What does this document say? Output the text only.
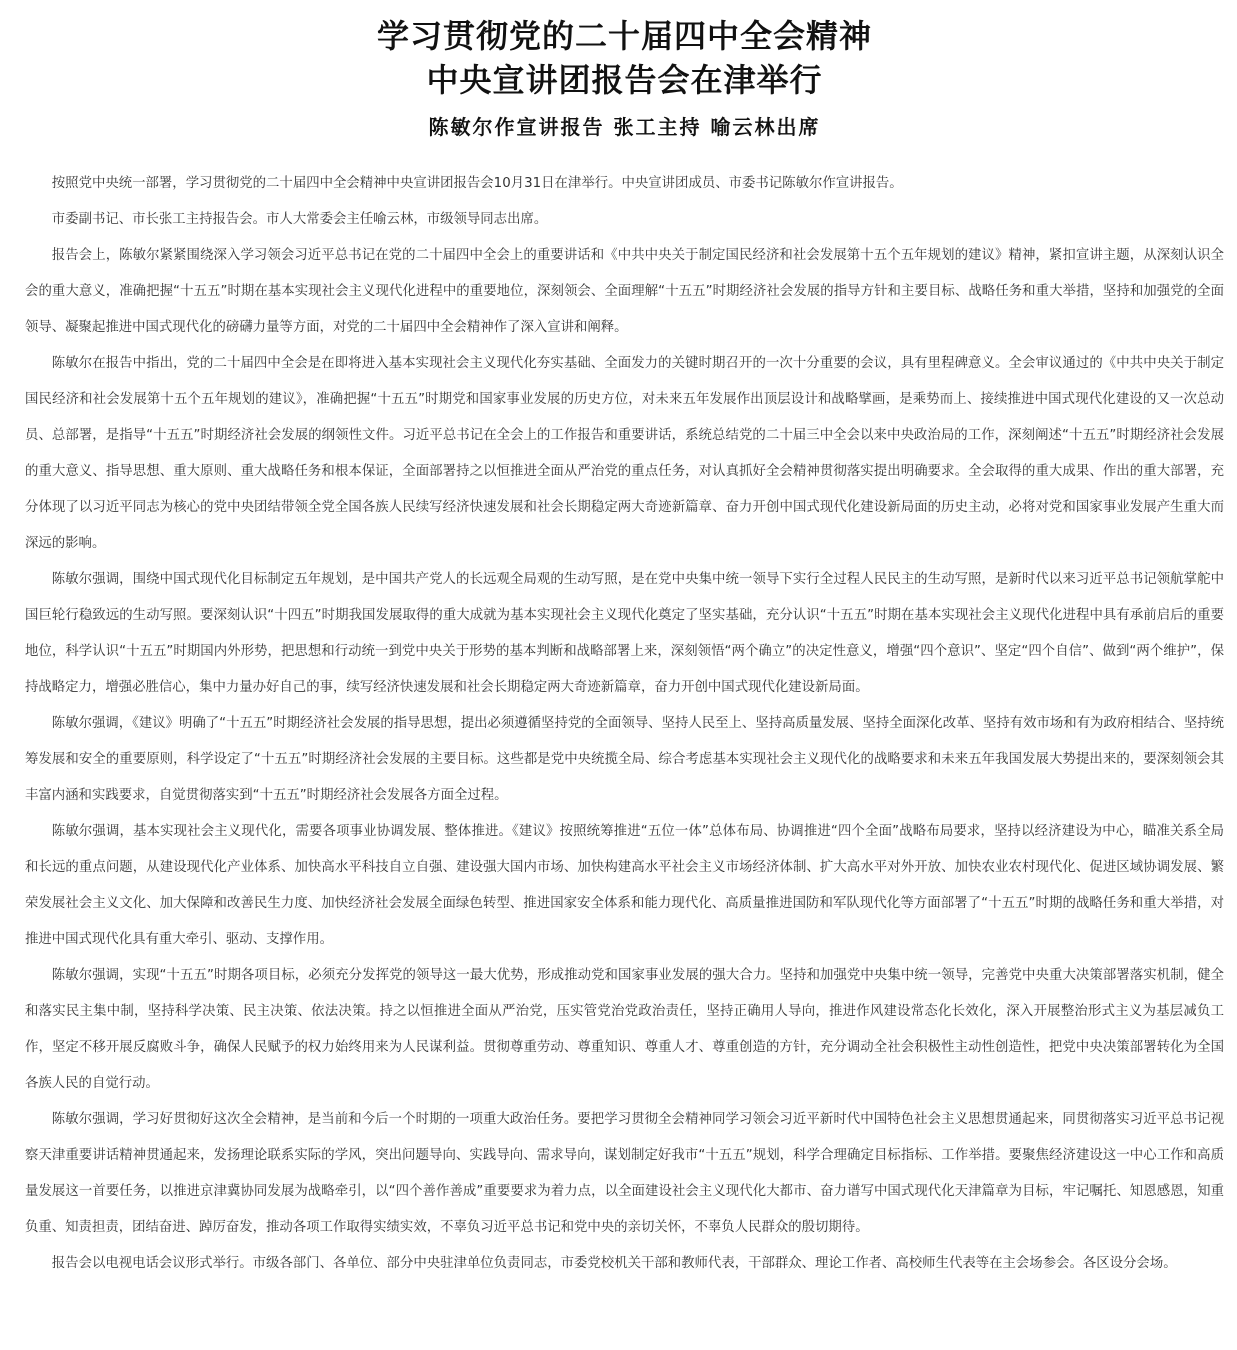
学习贯彻党的二十届四中全会精神
中央宣讲团报告会在津举行
陈敏尔作宣讲报告 张工主持 喻云林出席

按照党中央统一部署，学习贯彻党的二十届四中全会精神中央宣讲团报告会10月31日在津举行。中央宣讲团成员、市委书记陈敏尔作宣讲报告。

市委副书记、市长张工主持报告会。市人大常委会主任喻云林，市级领导同志出席。

报告会上，陈敏尔紧紧围绕深入学习领会习近平总书记在党的二十届四中全会上的重要讲话和《中共中央关于制定国民经济和社会发展第十五个五年规划的建议》精神，紧扣宣讲主题，从深刻认识全会的重大意义，准确把握“十五五”时期在基本实现社会主义现代化进程中的重要地位，深刻领会、全面理解“十五五”时期经济社会发展的指导方针和主要目标、战略任务和重大举措，坚持和加强党的全面领导、凝聚起推进中国式现代化的磅礴力量等方面，对党的二十届四中全会精神作了深入宣讲和阐释。

陈敏尔在报告中指出，党的二十届四中全会是在即将进入基本实现社会主义现代化夯实基础、全面发力的关键时期召开的一次十分重要的会议，具有里程碑意义。全会审议通过的《中共中央关于制定国民经济和社会发展第十五个五年规划的建议》，准确把握“十五五”时期党和国家事业发展的历史方位，对未来五年发展作出顶层设计和战略擘画，是乘势而上、接续推进中国式现代化建设的又一次总动员、总部署，是指导“十五五”时期经济社会发展的纲领性文件。习近平总书记在全会上的工作报告和重要讲话，系统总结党的二十届三中全会以来中央政治局的工作，深刻阐述“十五五”时期经济社会发展的重大意义、指导思想、重大原则、重大战略任务和根本保证，全面部署持之以恒推进全面从严治党的重点任务，对认真抓好全会精神贯彻落实提出明确要求。全会取得的重大成果、作出的重大部署，充分体现了以习近平同志为核心的党中央团结带领全党全国各族人民续写经济快速发展和社会长期稳定两大奇迹新篇章、奋力开创中国式现代化建设新局面的历史主动，必将对党和国家事业发展产生重大而深远的影响。

陈敏尔强调，围绕中国式现代化目标制定五年规划，是中国共产党人的长远观全局观的生动写照，是在党中央集中统一领导下实行全过程人民民主的生动写照，是新时代以来习近平总书记领航掌舵中国巨轮行稳致远的生动写照。要深刻认识“十四五”时期我国发展取得的重大成就为基本实现社会主义现代化奠定了坚实基础，充分认识“十五五”时期在基本实现社会主义现代化进程中具有承前启后的重要地位，科学认识“十五五”时期国内外形势，把思想和行动统一到党中央关于形势的基本判断和战略部署上来，深刻领悟“两个确立”的决定性意义，增强“四个意识”、坚定“四个自信”、做到“两个维护”，保持战略定力，增强必胜信心，集中力量办好自己的事，续写经济快速发展和社会长期稳定两大奇迹新篇章，奋力开创中国式现代化建设新局面。

陈敏尔强调，《建议》明确了“十五五”时期经济社会发展的指导思想，提出必须遵循坚持党的全面领导、坚持人民至上、坚持高质量发展、坚持全面深化改革、坚持有效市场和有为政府相结合、坚持统筹发展和安全的重要原则，科学设定了“十五五”时期经济社会发展的主要目标。这些都是党中央统揽全局、综合考虑基本实现社会主义现代化的战略要求和未来五年我国发展大势提出来的，要深刻领会其丰富内涵和实践要求，自觉贯彻落实到“十五五”时期经济社会发展各方面全过程。

陈敏尔强调，基本实现社会主义现代化，需要各项事业协调发展、整体推进。《建议》按照统筹推进“五位一体”总体布局、协调推进“四个全面”战略布局要求，坚持以经济建设为中心，瞄准关系全局和长远的重点问题，从建设现代化产业体系、加快高水平科技自立自强、建设强大国内市场、加快构建高水平社会主义市场经济体制、扩大高水平对外开放、加快农业农村现代化、促进区域协调发展、繁荣发展社会主义文化、加大保障和改善民生力度、加快经济社会发展全面绿色转型、推进国家安全体系和能力现代化、高质量推进国防和军队现代化等方面部署了“十五五”时期的战略任务和重大举措，对推进中国式现代化具有重大牵引、驱动、支撑作用。

陈敏尔强调，实现“十五五”时期各项目标，必须充分发挥党的领导这一最大优势，形成推动党和国家事业发展的强大合力。坚持和加强党中央集中统一领导，完善党中央重大决策部署落实机制，健全和落实民主集中制，坚持科学决策、民主决策、依法决策。持之以恒推进全面从严治党，压实管党治党政治责任，坚持正确用人导向，推进作风建设常态化长效化，深入开展整治形式主义为基层减负工作，坚定不移开展反腐败斗争，确保人民赋予的权力始终用来为人民谋利益。贯彻尊重劳动、尊重知识、尊重人才、尊重创造的方针，充分调动全社会积极性主动性创造性，把党中央决策部署转化为全国各族人民的自觉行动。

陈敏尔强调，学习好贯彻好这次全会精神，是当前和今后一个时期的一项重大政治任务。要把学习贯彻全会精神同学习领会习近平新时代中国特色社会主义思想贯通起来，同贯彻落实习近平总书记视察天津重要讲话精神贯通起来，发扬理论联系实际的学风，突出问题导向、实践导向、需求导向，谋划制定好我市“十五五”规划，科学合理确定目标指标、工作举措。要聚焦经济建设这一中心工作和高质量发展这一首要任务，以推进京津冀协同发展为战略牵引，以“四个善作善成”重要要求为着力点，以全面建设社会主义现代化大都市、奋力谱写中国式现代化天津篇章为目标，牢记嘱托、知恩感恩，知重负重、知责担责，团结奋进、踔厉奋发，推动各项工作取得实绩实效，不辜负习近平总书记和党中央的亲切关怀，不辜负人民群众的殷切期待。

报告会以电视电话会议形式举行。市级各部门、各单位、部分中央驻津单位负责同志，市委党校机关干部和教师代表，干部群众、理论工作者、高校师生代表等在主会场参会。各区设分会场。
